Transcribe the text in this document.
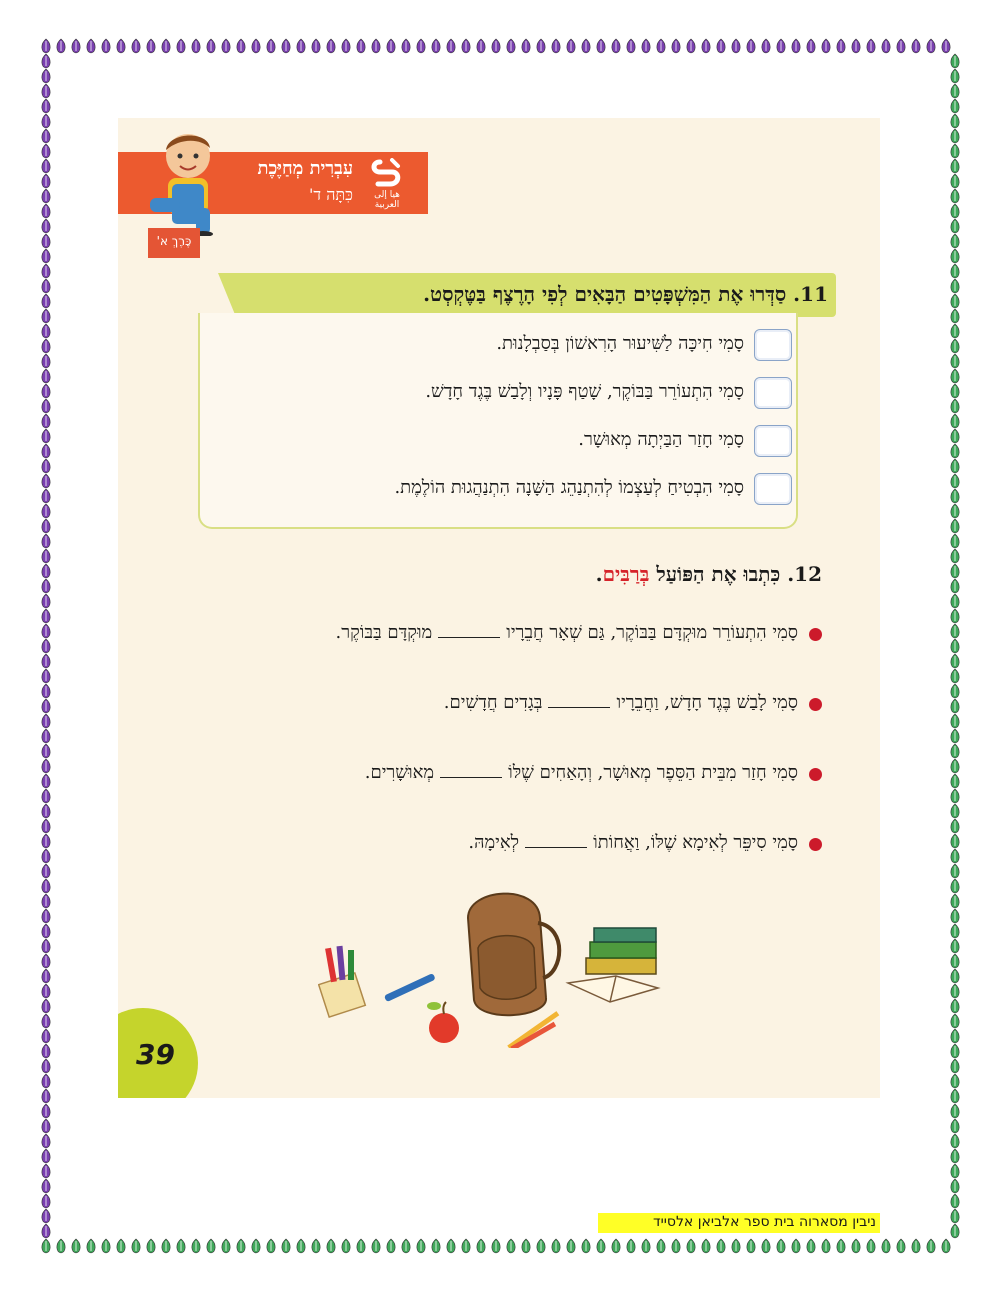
עִבְרִית מְחַיֶּכֶת
כִּתָּה ד'	هيا إلى العربية
כֶּרֶךְ א'
11. סַדְּרוּ אֶת הַמִּשְׁפָּטִים הַבָּאִים לְפִי הָרֶצֶף בַּטֶּקְסְט.
סָמִי חִיכָּה לַשִּׁיעוּר הָרִאשׁוֹן בְּסַבְלָנוּת.
סָמִי הִתְעוֹרֵר בַּבּוֹקֶר, שָׁטַף פָּנָיו וְלָבַשׁ בֶּגֶד חָדָשׁ.
סָמִי חָזַר הַבַּיְתָה מְאוּשָׁר.
סָמִי הִבְטִיחַ לְעַצְמוֹ לְהִתְנַהֵג הַשָּׁנָה הִתְנַהֲגוּת הוֹלֶמֶת.
12. כִּתְבוּ אֶת הַפּוֹעַל בְּרַבִּים.
סָמִי הִתְעוֹרֵר מוּקְדָּם בַּבּוֹקֶר, גַּם שְׁאָר חֲבֵרָיומוּקְדָּם בַּבּוֹקֶר.
סָמִי לָבַשׁ בֶּגֶד חָדָשׁ, וַחֲבֵרָיובְּגָדִים חֲדָשִׁים.
סָמִי חָזַר מִבֵּית הַסֵּפֶר מְאוּשָׁר, וְהָאַחִים שֶׁלּוֹמְאוּשָׁרִים.
סָמִי סִיפֵּר לְאִימָא שֶׁלּוֹ, וַאֲחוֹתוֹלְאִימָהּ.
39
ניבין מסארוה בית ספר אלביאן אלסייד
